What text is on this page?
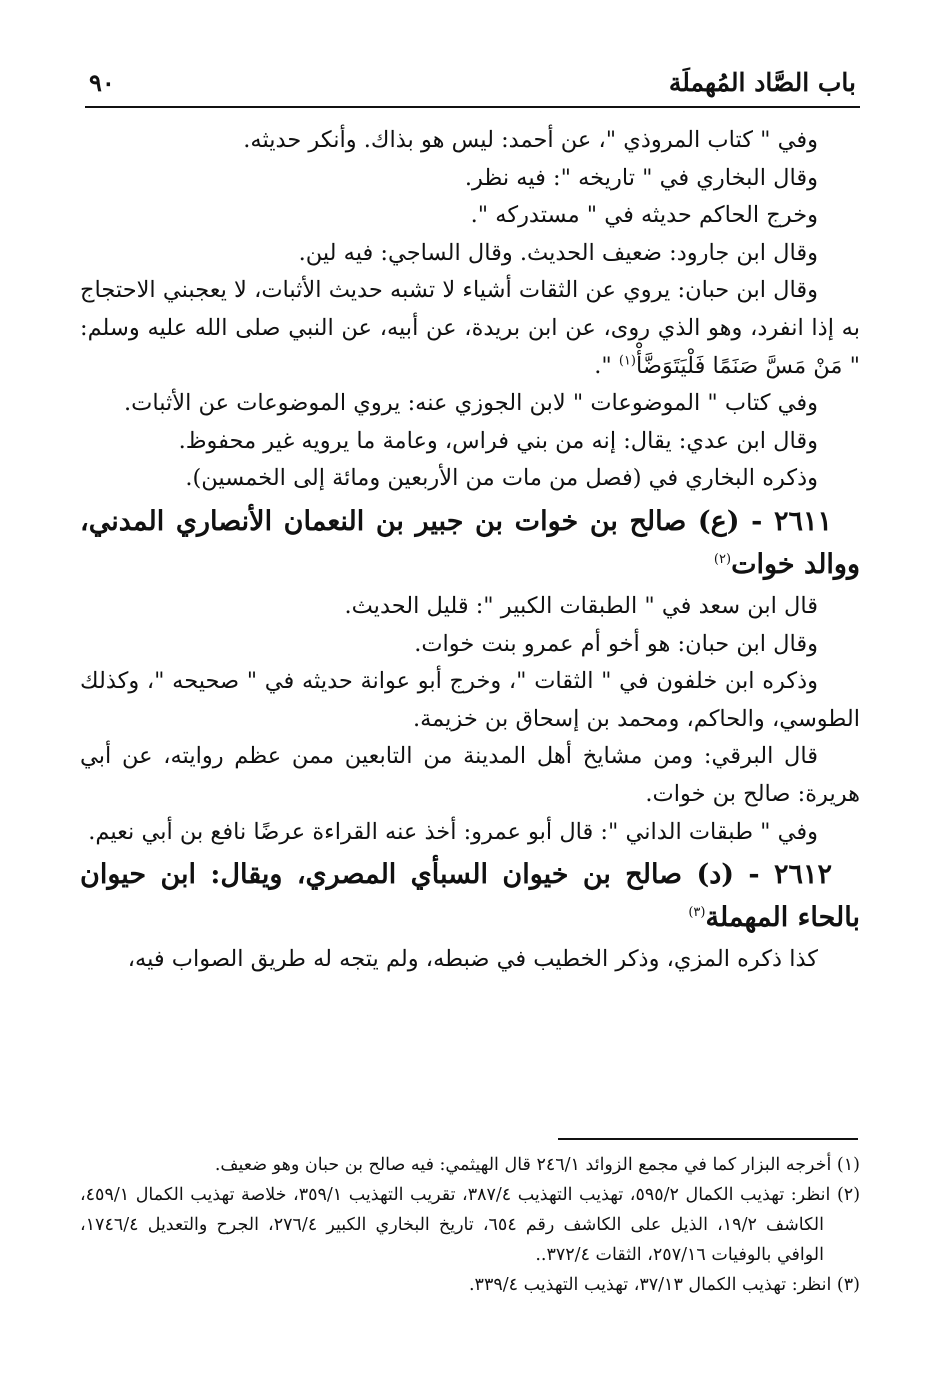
باب الصَّاد المُهملَة
٩٠

وفي " كتاب المروذي "، عن أحمد: ليس هو بذاك. وأنكر حديثه.

وقال البخاري في " تاريخه ": فيه نظر.

وخرج الحاكم حديثه في " مستدركه ".

وقال ابن جارود: ضعيف الحديث. وقال الساجي: فيه لين.

وقال ابن حبان: يروي عن الثقات أشياء لا تشبه حديث الأثبات، لا يعجبني الاحتجاج به إذا انفرد، وهو الذي روى، عن ابن بريدة، عن أبيه، عن النبي صلى الله عليه وسلم: " مَنْ مَسَّ صَنَمًا فَلْيَتَوَضَّأْ$^{(١)}$ ".

وفي كتاب " الموضوعات " لابن الجوزي عنه: يروي الموضوعات عن الأثبات.

وقال ابن عدي: يقال: إنه من بني فراس، وعامة ما يرويه غير محفوظ.

وذكره البخاري في (فصل من مات من الأربعين ومائة إلى الخمسين).

٢٦١١ - (ع) صالح بن خوات بن جبير بن النعمان الأنصاري المدني، ووالد خوات$^{(٢)}$

قال ابن سعد في " الطبقات الكبير ": قليل الحديث.

وقال ابن حبان: هو أخو أم عمرو بنت خوات.

وذكره ابن خلفون في " الثقات "، وخرج أبو عوانة حديثه في " صحيحه "، وكذلك الطوسي، والحاكم، ومحمد بن إسحاق بن خزيمة.

قال البرقي: ومن مشايخ أهل المدينة من التابعين ممن عظم روايته، عن أبي هريرة: صالح بن خوات.

وفي " طبقات الداني ": قال أبو عمرو: أخذ عنه القراءة عرضًا نافع بن أبي نعيم.

٢٦١٢ - (د) صالح بن خيوان السبأي المصري، ويقال: ابن حيوان بالحاء المهملة$^{(٣)}$

كذا ذكره المزي، وذكر الخطيب في ضبطه، ولم يتجه له طريق الصواب فيه،

(١) أخرجه البزار كما في مجمع الزوائد ٢٤٦/١ قال الهيثمي: فيه صالح بن حبان وهو ضعيف.

(٢) انظر: تهذيب الكمال ٥٩٥/٢، تهذيب التهذيب ٣٨٧/٤، تقريب التهذيب ٣٥٩/١، خلاصة تهذيب الكمال ٤٥٩/١، الكاشف ١٩/٢، الذيل على الكاشف رقم ٦٥٤، تاريخ البخاري الكبير ٢٧٦/٤، الجرح والتعديل ١٧٤٦/٤، الوافي بالوفيات ٢٥٧/١٦، الثقات ٣٧٢/٤..

(٣) انظر: تهذيب الكمال ٣٧/١٣، تهذيب التهذيب ٣٣٩/٤.
